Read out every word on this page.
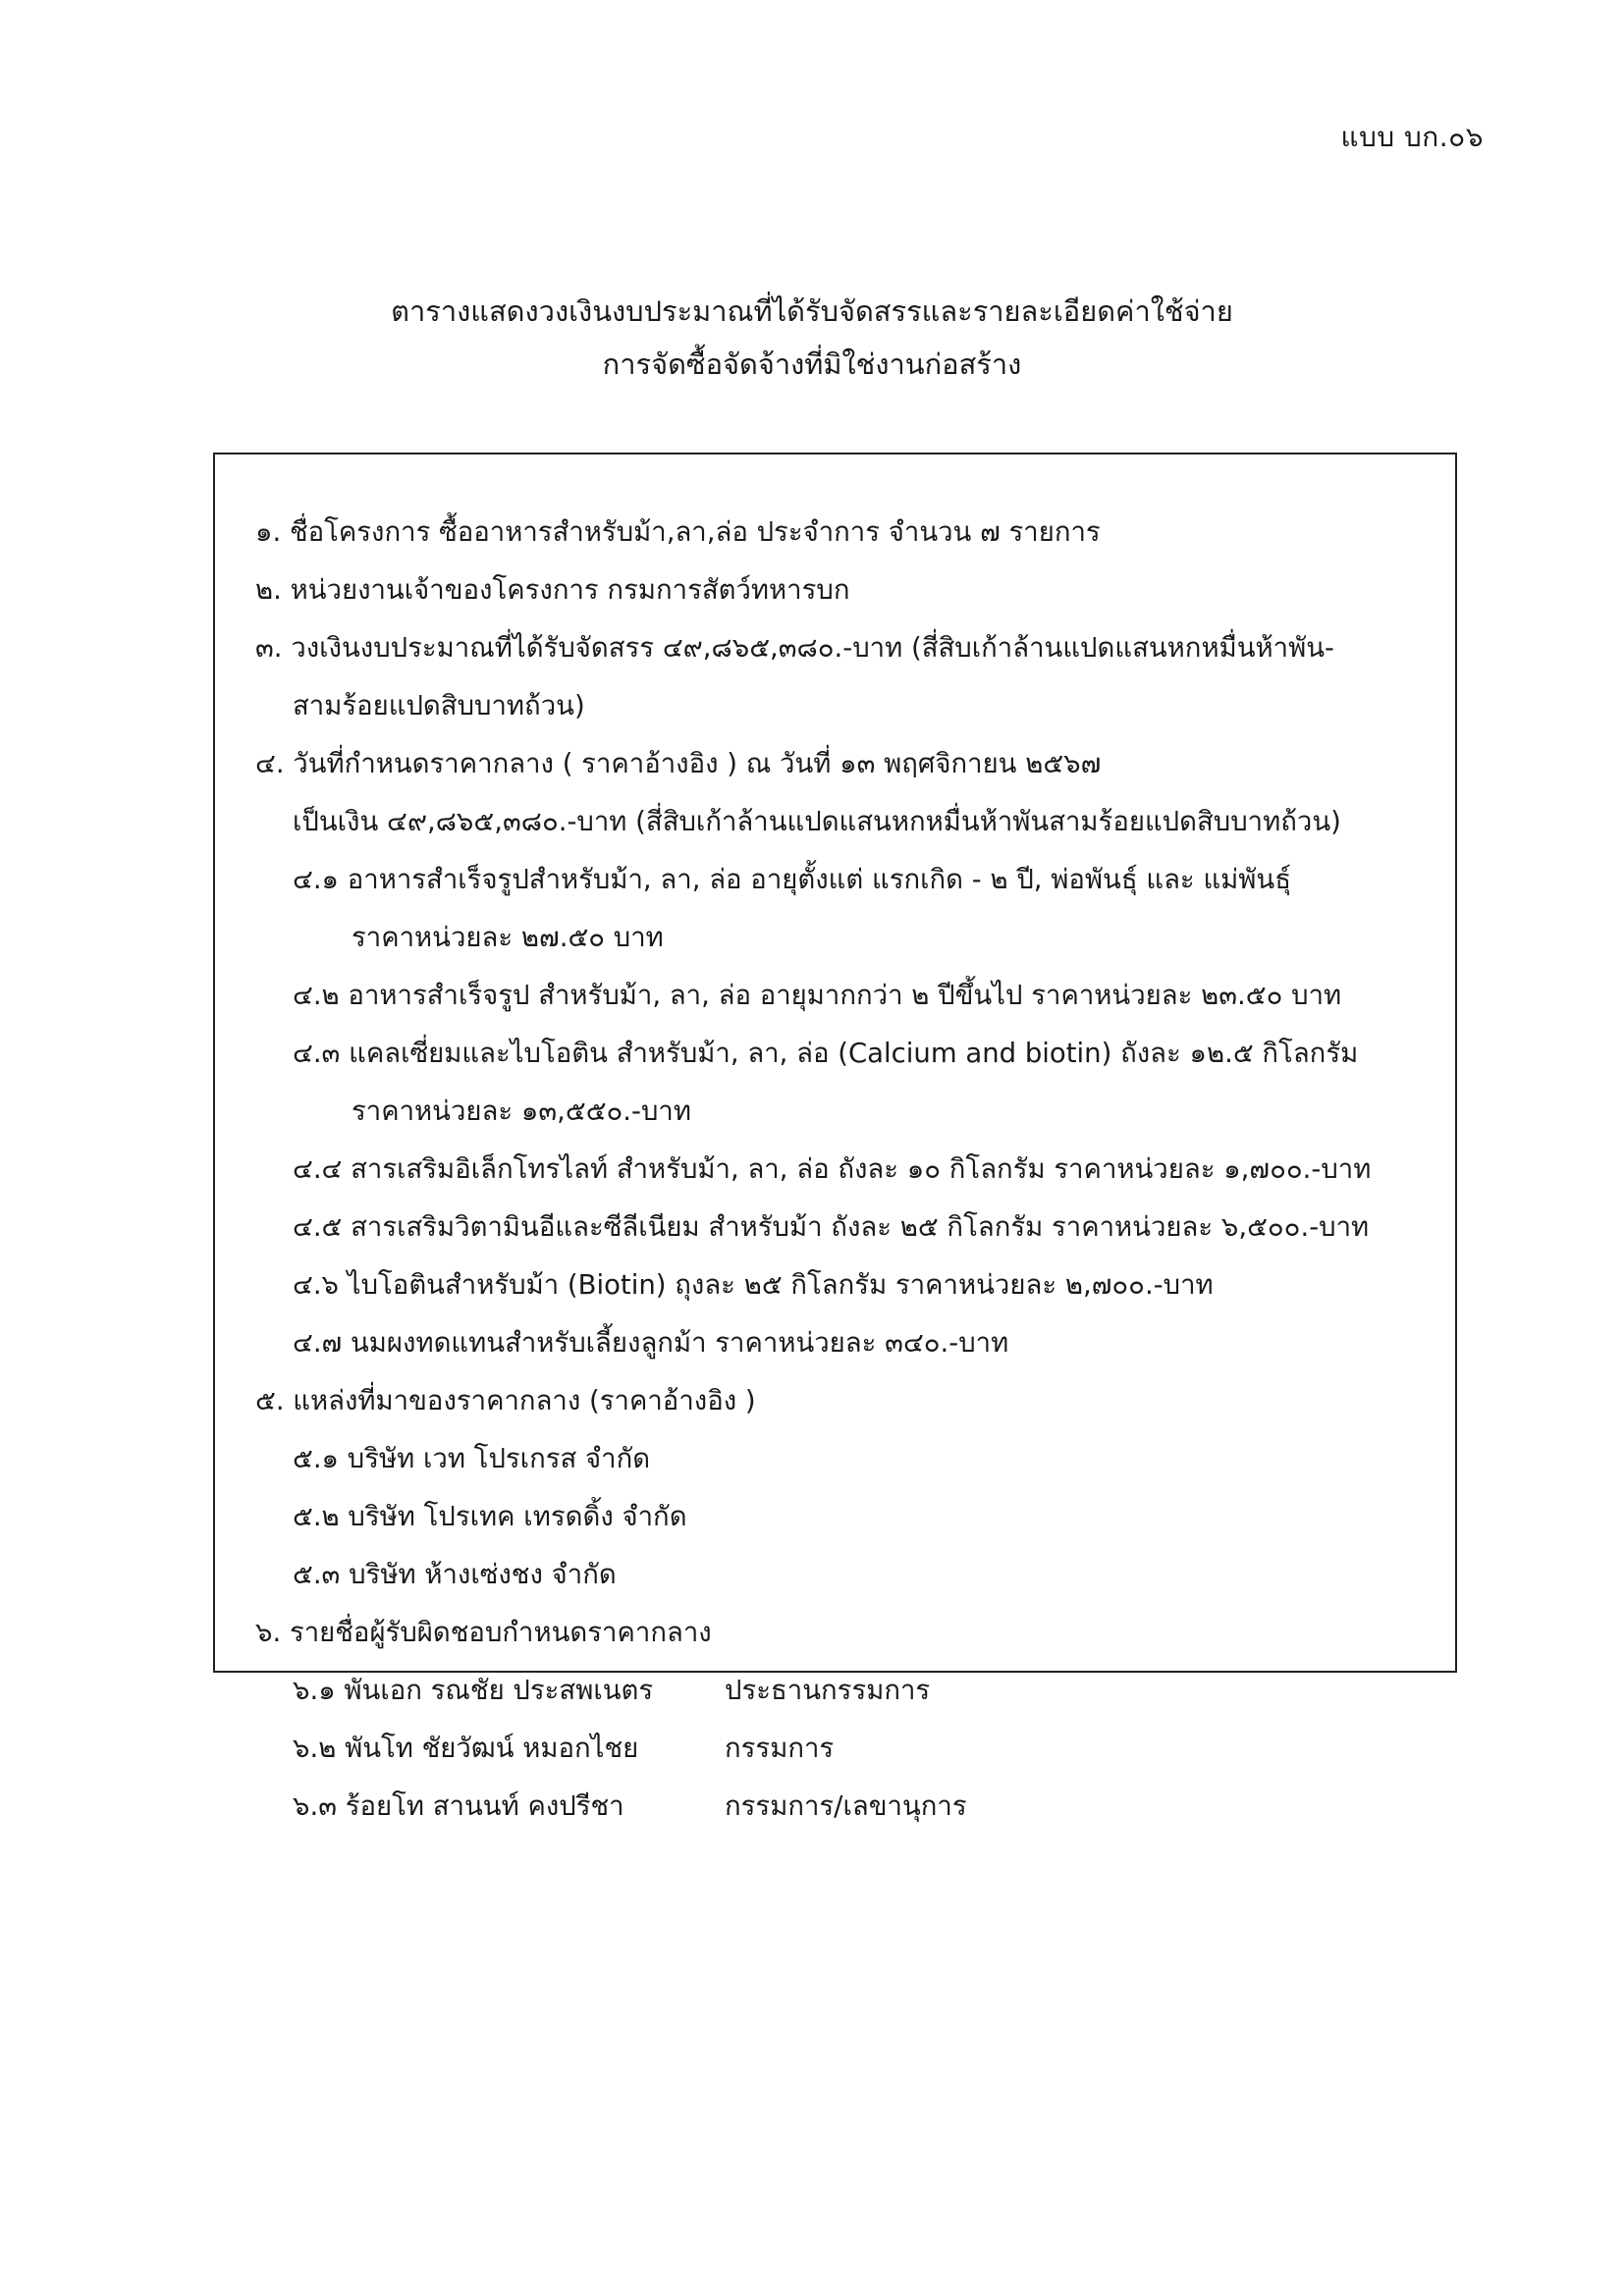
แบบ บก.๐๖
ตารางแสดงวงเงินงบประมาณที่ได้รับจัดสรรและรายละเอียดค่าใช้จ่าย
การจัดซื้อจัดจ้างที่มิใช่งานก่อสร้าง
๑. ชื่อโครงการ ซื้ออาหารสำหรับม้า,ลา,ล่อ ประจำการ จำนวน ๗ รายการ
๒. หน่วยงานเจ้าของโครงการ กรมการสัตว์ทหารบก
๓. วงเงินงบประมาณที่ได้รับจัดสรร ๔๙,๘๖๕,๓๘๐.-บาท (สี่สิบเก้าล้านแปดแสนหกหมื่นห้าพัน-
สามร้อยแปดสิบบาทถ้วน)
๔. วันที่กำหนดราคากลาง ( ราคาอ้างอิง ) ณ วันที่ ๑๓ พฤศจิกายน ๒๕๖๗
เป็นเงิน ๔๙,๘๖๕,๓๘๐.-บาท (สี่สิบเก้าล้านแปดแสนหกหมื่นห้าพันสามร้อยแปดสิบบาทถ้วน)
๔.๑ อาหารสำเร็จรูปสำหรับม้า, ลา, ล่อ อายุตั้งแต่ แรกเกิด - ๒ ปี, พ่อพันธุ์ และ แม่พันธุ์
ราคาหน่วยละ ๒๗.๕๐ บาท
๔.๒ อาหารสำเร็จรูป สำหรับม้า, ลา, ล่อ อายุมากกว่า ๒ ปีขึ้นไป ราคาหน่วยละ ๒๓.๕๐ บาท
๔.๓ แคลเซี่ยมและไบโอติน สำหรับม้า, ลา, ล่อ (Calcium and biotin) ถังละ ๑๒.๕ กิโลกรัม
ราคาหน่วยละ ๑๓,๕๕๐.-บาท
๔.๔ สารเสริมอิเล็กโทรไลท์ สำหรับม้า, ลา, ล่อ ถังละ ๑๐ กิโลกรัม ราคาหน่วยละ ๑,๗๐๐.-บาท
๔.๕ สารเสริมวิตามินอีและซีลีเนียม สำหรับม้า ถังละ ๒๕ กิโลกรัม ราคาหน่วยละ ๖,๕๐๐.-บาท
๔.๖ ไบโอตินสำหรับม้า (Biotin) ถุงละ ๒๕ กิโลกรัม ราคาหน่วยละ ๒,๗๐๐.-บาท
๔.๗ นมผงทดแทนสำหรับเลี้ยงลูกม้า ราคาหน่วยละ ๓๔๐.-บาท
๕. แหล่งที่มาของราคากลาง (ราคาอ้างอิง )
๕.๑ บริษัท เวท โปรเกรส จำกัด
๕.๒ บริษัท โปรเทค เทรดดิ้ง จำกัด
๕.๓ บริษัท ห้างเซ่งชง จำกัด
๖. รายชื่อผู้รับผิดชอบกำหนดราคากลาง
๖.๑ พันเอก รณชัย ประสพเนตร	ประธานกรรมการ
๖.๒ พันโท ชัยวัฒน์ หมอกไชย	กรรมการ
๖.๓ ร้อยโท สานนท์ คงปรีชา	กรรมการ/เลขานุการ
